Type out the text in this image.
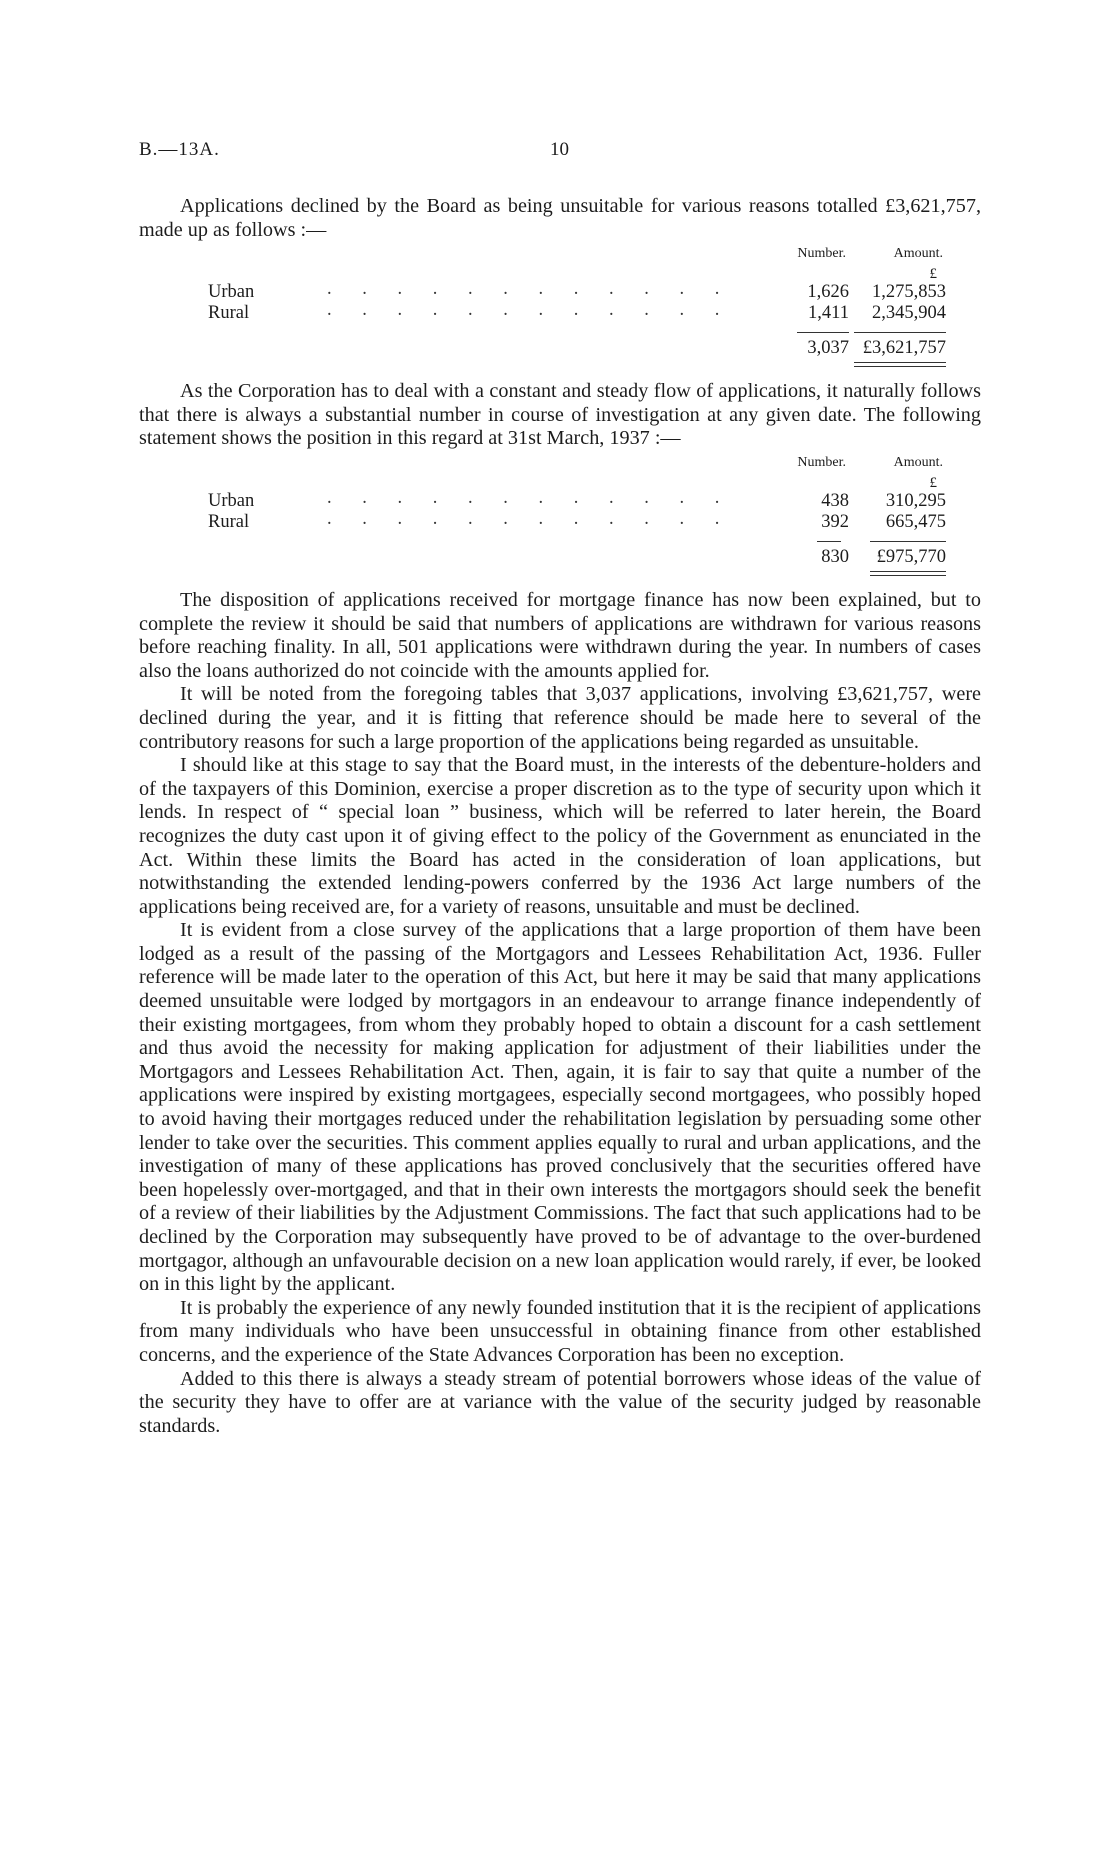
B.—13A.	10

Applications declined by the Board as being unsuitable for various reasons totalled £3,621,757, made up as follows :—

Number.	Amount.
£
Urban	. . . . . . . . . . . .	1,626 1,275,853
Rural	. . . . . . . . . . . .	1,411 2,345,904
3,037 £3,621,757

As the Corporation has to deal with a constant and steady flow of applications, it naturally follows that there is always a substantial number in course of investigation at any given date. The following statement shows the position in this regard at 31st March, 1937 :—

Number.	Amount.
£
Urban	. . . . . . . . . . . .	438 310,295
Rural	. . . . . . . . . . . .	392 665,475
830 £975,770

The disposition of applications received for mortgage finance has now been explained, but to complete the review it should be said that numbers of applications are withdrawn for various reasons before reaching finality. In all, 501 applications were withdrawn during the year. In numbers of cases also the loans authorized do not coincide with the amounts applied for.

It will be noted from the foregoing tables that 3,037 applications, involving £3,621,757, were declined during the year, and it is fitting that reference should be made here to several of the contributory reasons for such a large proportion of the applications being regarded as unsuitable.

I should like at this stage to say that the Board must, in the interests of the debenture-holders and of the taxpayers of this Dominion, exercise a proper discretion as to the type of security upon which it lends. In respect of “ special loan ” business, which will be referred to later herein, the Board recognizes the duty cast upon it of giving effect to the policy of the Government as enunciated in the Act. Within these limits the Board has acted in the consideration of loan applications, but notwithstanding the extended lending-powers conferred by the 1936 Act large numbers of the applications being received are, for a variety of reasons, unsuitable and must be declined.

It is evident from a close survey of the applications that a large proportion of them have been lodged as a result of the passing of the Mortgagors and Lessees Rehabilitation Act, 1936. Fuller reference will be made later to the operation of this Act, but here it may be said that many applications deemed unsuitable were lodged by mortgagors in an endeavour to arrange finance independently of their existing mortgagees, from whom they probably hoped to obtain a discount for a cash settlement and thus avoid the necessity for making application for adjustment of their liabilities under the Mortgagors and Lessees Rehabilitation Act. Then, again, it is fair to say that quite a number of the applications were inspired by existing mortgagees, especially second mortgagees, who possibly hoped to avoid having their mortgages reduced under the rehabilitation legislation by persuading some other lender to take over the securities. This comment applies equally to rural and urban applications, and the investigation of many of these applications has proved conclusively that the securities offered have been hopelessly over-mortgaged, and that in their own interests the mortgagors should seek the benefit of a review of their liabilities by the Adjustment Commissions. The fact that such applications had to be declined by the Corporation may subsequently have proved to be of advantage to the over-burdened mortgagor, although an unfavourable decision on a new loan application would rarely, if ever, be looked on in this light by the applicant.

It is probably the experience of any newly founded institution that it is the recipient of applications from many individuals who have been unsuccessful in obtaining finance from other established concerns, and the experience of the State Advances Corporation has been no exception.

Added to this there is always a steady stream of potential borrowers whose ideas of the value of the security they have to offer are at variance with the value of the security judged by reasonable standards.
